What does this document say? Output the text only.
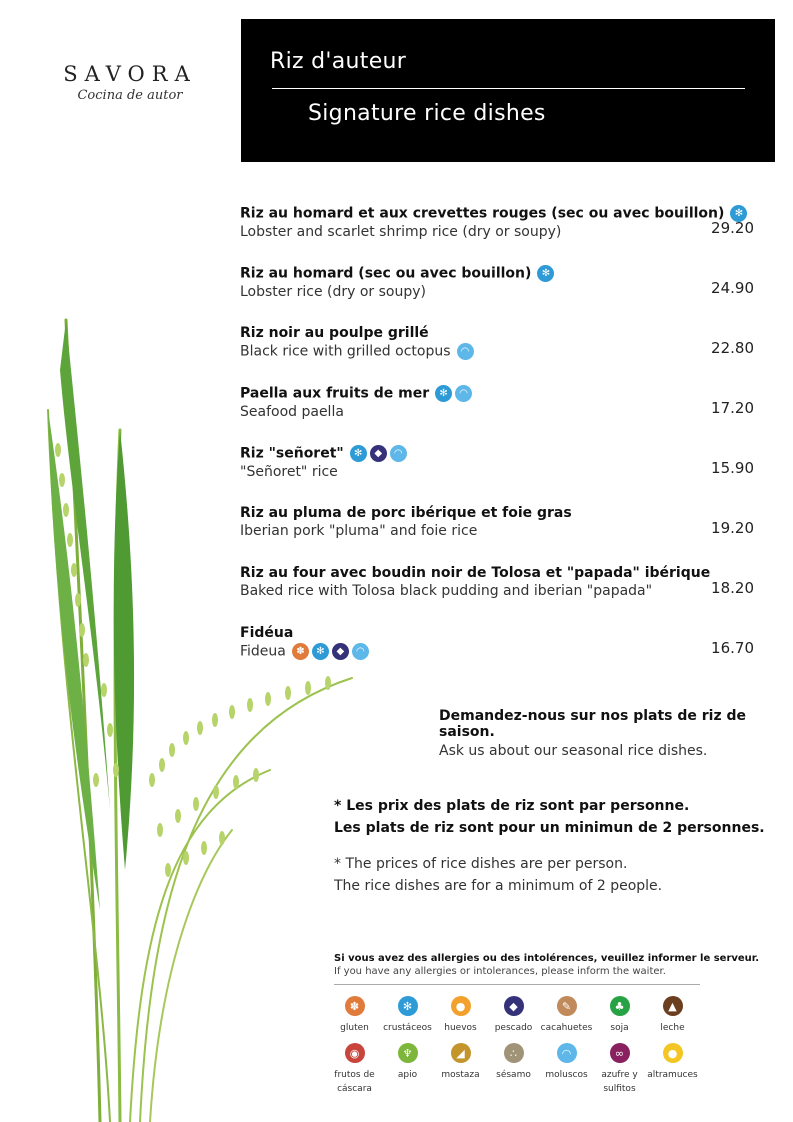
SAVORA
Cocina de autor
Riz d'auteur
Signature rice dishes
Riz au homard et aux crevettes rouges (sec ou avec bouillon)	✻
Lobster and scarlet shrimp rice (dry or soupy)	29.20
Riz au homard (sec ou avec bouillon)	✻
Lobster rice (dry or soupy)	24.90
Riz noir au poulpe grillé
Black rice with grilled octopus	◠	22.80
Paella aux fruits de mer	✻	◠
Seafood paella	17.20
Riz "señoret"	✻	◆	◠
"Señoret" rice	15.90
Riz au pluma de porc ibérique et foie gras
Iberian pork "pluma" and foie rice	19.20
Riz au four avec boudin noir de Tolosa et "papada" ibérique
Baked rice with Tolosa black pudding and iberian "papada"	18.20
Fidéua
Fideua	✽	✻	◆	◠	16.70
Demandez-nous sur nos plats de riz de saison.
Ask us about our seasonal rice dishes.
* Les prix des plats de riz sont par personne.
Les plats de riz sont pour un minimun de 2 personnes.
* The prices of rice dishes are per person.
The rice dishes are for a minimum of 2 people.
Si vous avez des allergies ou des intolérences, veuillez informer le serveur.
If you have any allergies or intolerances, please inform the waiter.
✽
gluten
✻
crustáceos
●
huevos
◆
pescado
✎
cacahuetes
♣
soja
▲
leche
◉
frutos de cáscara
♆
apio
◢
mostaza
∴
sésamo
◠
moluscos
∞
azufre y sulfitos
●
altramuces
